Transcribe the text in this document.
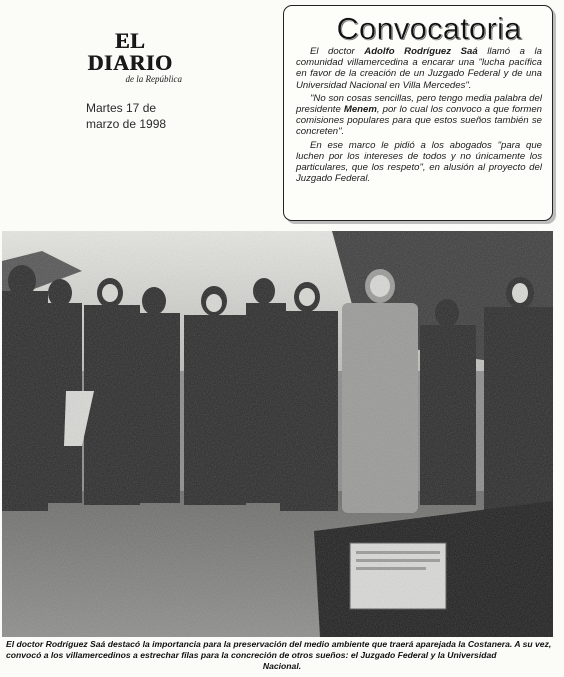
EL DIARIO
de la República
Martes 17 de
marzo de 1998
Convocatoria

El doctor Adolfo Rodríguez Saá llamó a la comunidad villamercedina a encarar una "lucha pacífica en favor de la creación de un Juzgado Federal y de una Universidad Nacional en Villa Mercedes".

"No son cosas sencillas, pero tengo media palabra del presidente Menem, por lo cual los convoco a que formen comisiones populares para que estos sueños también se concreten".

En ese marco le pidió a los abogados "para que luchen por los intereses de todos y no únicamente los particulares, que los respeto", en alusión al proyecto del Juzgado Federal.

El doctor Rodríguez Saá destacó la importancia para la preservación del medio ambiente que traerá aparejada la Costanera. A su vez, convocó a los villamercedinos a estrechar filas para la concreción de otros sueños: el Juzgado Federal y la Universidad
Nacional.
